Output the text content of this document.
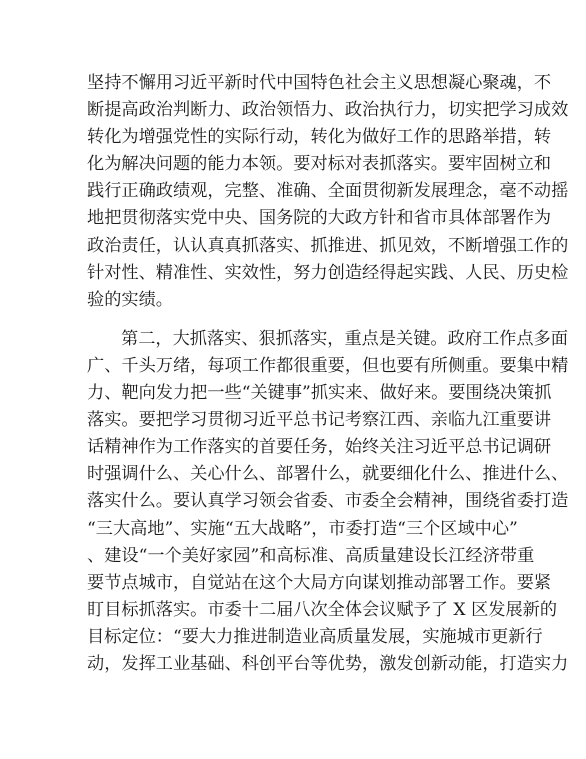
坚持不懈用习近平新时代中国特色社会主义思想凝心聚魂，不
断提高政治判断力、政治领悟力、政治执行力，切实把学习成效
转化为增强党性的实际行动，转化为做好工作的思路举措，转
化为解决问题的能力本领。要对标对表抓落实。要牢固树立和
践行正确政绩观，完整、准确、全面贯彻新发展理念，毫不动摇
地把贯彻落实党中央、国务院的大政方针和省市具体部署作为
政治责任，认认真真抓落实、抓推进、抓见效，不断增强工作的
针对性、精准性、实效性，努力创造经得起实践、人民、历史检
验的实绩。
第二，大抓落实、狠抓落实，重点是关键。政府工作点多面
广、千头万绪，每项工作都很重要，但也要有所侧重。要集中精
力、靶向发力把一些“关键事”抓实来、做好来。要围绕决策抓
落实。要把学习贯彻习近平总书记考察江西、亲临九江重要讲
话精神作为工作落实的首要任务，始终关注习近平总书记调研
时强调什么、关心什么、部署什么，就要细化什么、推进什么、
落实什么。要认真学习领会省委、市委全会精神，围绕省委打造
“三大高地”、实施“五大战略”，市委打造“三个区域中心”
、建设“一个美好家园”和高标准、高质量建设长江经济带重
要节点城市，自觉站在这个大局方向谋划推动部署工作。要紧
盯目标抓落实。市委十二届八次全体会议赋予了 X 区发展新的
目标定位：“要大力推进制造业高质量发展，实施城市更新行
动，发挥工业基础、科创平台等优势，激发创新动能，打造实力
